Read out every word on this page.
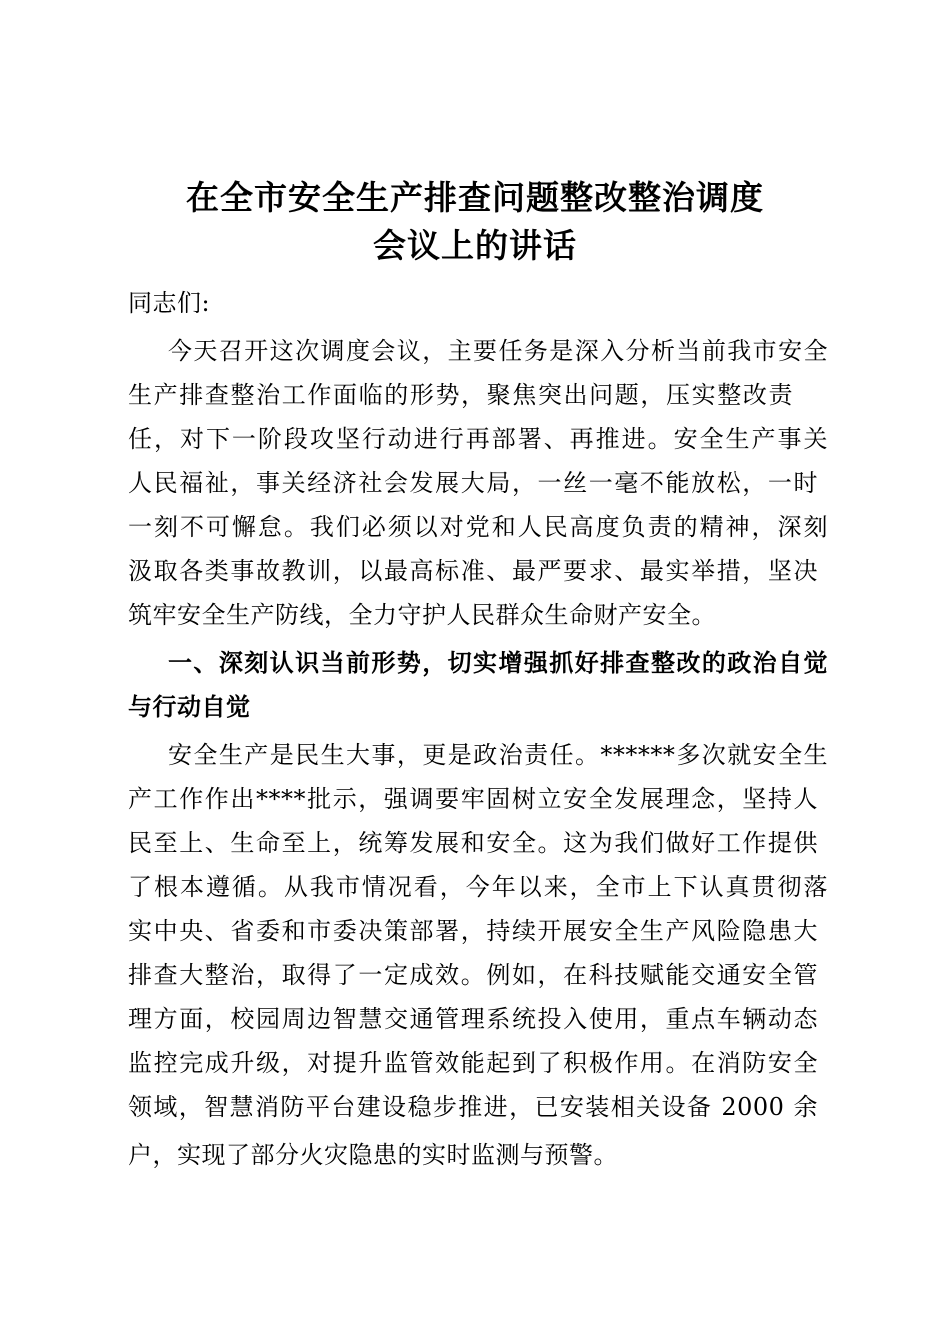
在全市安全生产排查问题整改整治调度
会议上的讲话
同志们:
今天召开这次调度会议，主要任务是深入分析当前我市安全
生产排查整治工作面临的形势，聚焦突出问题，压实整改责
任，对下一阶段攻坚行动进行再部署、再推进。安全生产事关
人民福祉，事关经济社会发展大局，一丝一毫不能放松，一时
一刻不可懈怠。我们必须以对党和人民高度负责的精神，深刻
汲取各类事故教训，以最高标准、最严要求、最实举措，坚决
筑牢安全生产防线，全力守护人民群众生命财产安全。
一、深刻认识当前形势，切实增强抓好排查整改的政治自觉
与行动自觉
安全生产是民生大事，更是政治责任。******多次就安全生
产工作作出****批示，强调要牢固树立安全发展理念，坚持人
民至上、生命至上，统筹发展和安全。这为我们做好工作提供
了根本遵循。从我市情况看，今年以来，全市上下认真贯彻落
实中央、省委和市委决策部署，持续开展安全生产风险隐患大
排查大整治，取得了一定成效。例如，在科技赋能交通安全管
理方面，校园周边智慧交通管理系统投入使用，重点车辆动态
监控完成升级，对提升监管效能起到了积极作用。在消防安全
领域，智慧消防平台建设稳步推进，已安装相关设备 2000 余
户，实现了部分火灾隐患的实时监测与预警。
